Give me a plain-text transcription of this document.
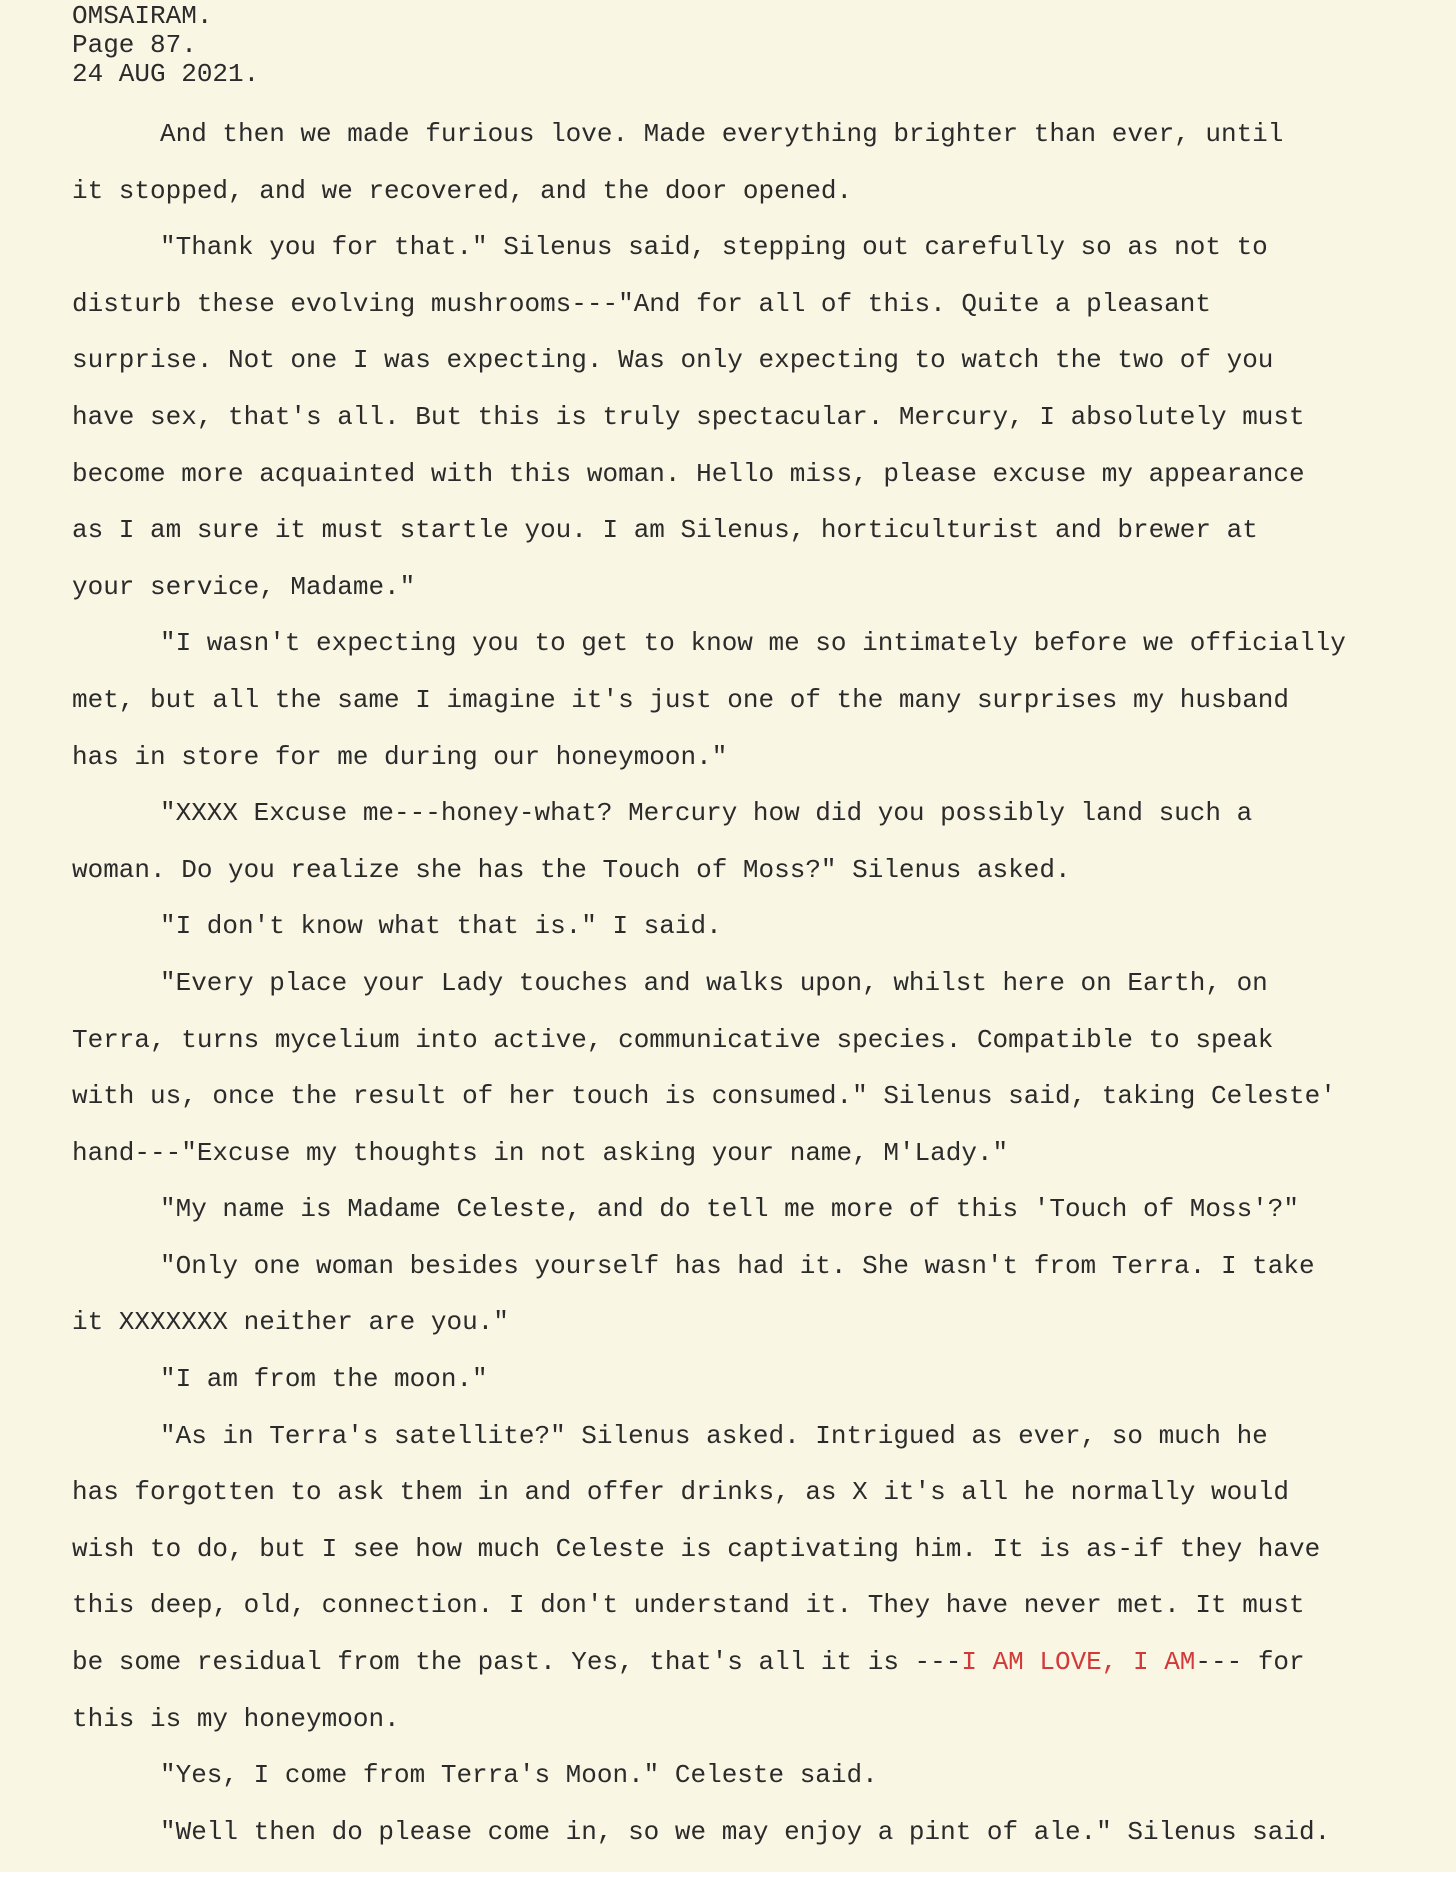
OMSAIRAM.
Page 87.
24 AUG 2021.
And then we made furious love. Made everything brighter than ever, until
it stopped, and we recovered, and the door opened.
"Thank you for that." Silenus said, stepping out carefully so as not to
disturb these evolving mushrooms---"And for all of this. Quite a pleasant
surprise. Not one I was expecting. Was only expecting to watch the two of you
have sex, that's all. But this is truly spectacular. Mercury, I absolutely must
become more acquainted with this woman. Hello miss, please excuse my appearance
as I am sure it must startle you. I am Silenus, horticulturist and brewer at
your service, Madame."
"I wasn't expecting you to get to know me so intimately before we officially
met, but all the same I imagine it's just one of the many surprises my husband
has in store for me during our honeymoon."
"XXXX Excuse me---honey-what? Mercury how did you possibly land such a
woman. Do you realize she has the Touch of Moss?" Silenus asked.
"I don't know what that is." I said.
"Every place your Lady touches and walks upon, whilst here on Earth, on
Terra, turns mycelium into active, communicative species. Compatible to speak
with us, once the result of her touch is consumed." Silenus said, taking Celeste'
hand---"Excuse my thoughts in not asking your name, M'Lady."
"My name is Madame Celeste, and do tell me more of this 'Touch of Moss'?"
"Only one woman besides yourself has had it. She wasn't from Terra. I take
it XXXXXXX neither are you."
"I am from the moon."
"As in Terra's satellite?" Silenus asked. Intrigued as ever, so much he
has forgotten to ask them in and offer drinks, as X it's all he normally would
wish to do, but I see how much Celeste is captivating him. It is as-if they have
this deep, old, connection. I don't understand it. They have never met. It must
be some residual from the past. Yes, that's all it is ---I AM LOVE, I AM--- for
this is my honeymoon.
"Yes, I come from Terra's Moon." Celeste said.
"Well then do please come in, so we may enjoy a pint of ale." Silenus said.
